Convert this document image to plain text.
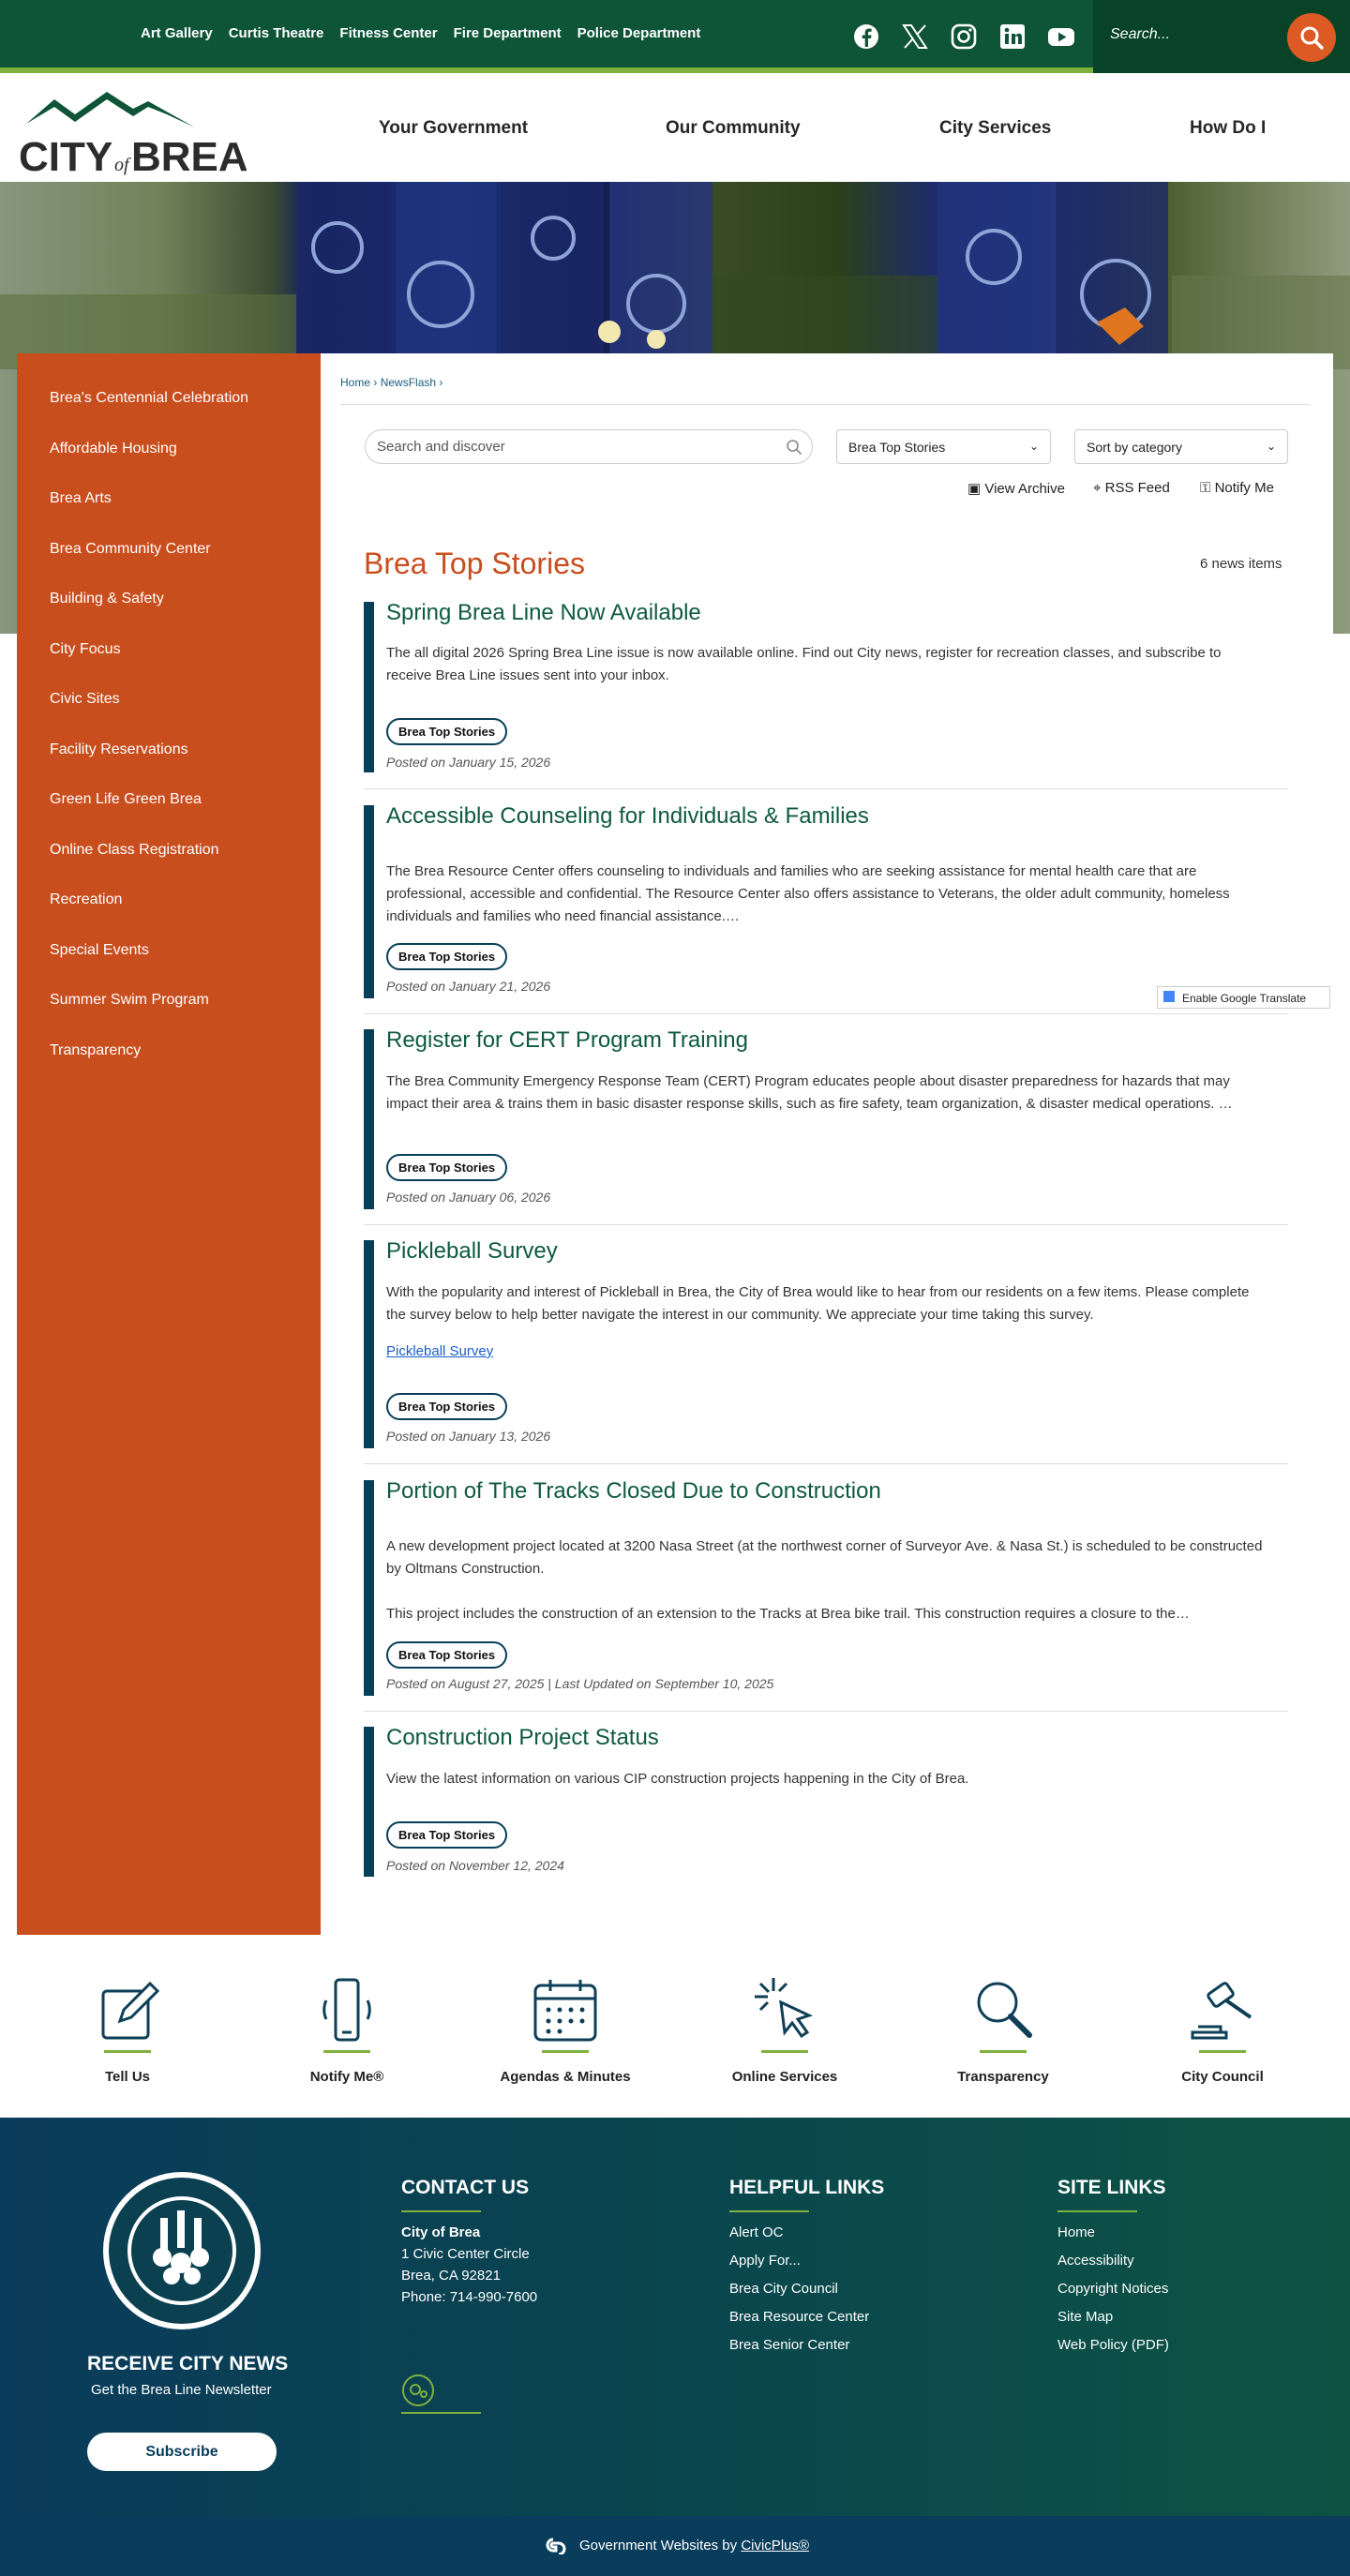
Art Gallery Curtis Theatre Fitness Center Fire Department Police Department	Search...
CITY of BREA
Your Government	Our Community	City Services	How Do I
Brea's Centennial Celebration
Affordable Housing
Brea Arts
Brea Community Center
Building & Safety
City Focus
Civic Sites
Facility Reservations
Green Life Green Brea
Online Class Registration
Recreation
Special Events
Summer Swim Program
Transparency
Home › NewsFlash ›
Search and discover	Brea Top Stories	⌄	Sort by category	⌄
▣ View Archive ⌖ RSS Feed ⚿ Notify Me
Brea Top Stories	6 news items
Spring Brea Line Now Available

The all digital 2026 Spring Brea Line issue is now available online. Find out City news, register for recreation classes, and subscribe to receive Brea Line issues sent into your inbox.

Brea Top Stories
Posted on January 15, 2026
Accessible Counseling for Individuals & Families

The Brea Resource Center offers counseling to individuals and families who are seeking assistance for mental health care that are professional, accessible and confidential. The Resource Center also offers assistance to Veterans, the older adult community, homeless individuals and families who need financial assistance.…

Brea Top Stories
Posted on January 21, 2026
Enable Google Translate
Register for CERT Program Training

The Brea Community Emergency Response Team (CERT) Program educates people about disaster preparedness for hazards that may impact their area & trains them in basic disaster response skills, such as fire safety, team organization, & disaster medical operations. …

Brea Top Stories
Posted on January 06, 2026
Pickleball Survey

With the popularity and interest of Pickleball in Brea, the City of Brea would like to hear from our residents on a few items. Please complete the survey below to help better navigate the interest in our community. We appreciate your time taking this survey.

Pickleball Survey
Brea Top Stories
Posted on January 13, 2026
Portion of The Tracks Closed Due to Construction

A new development project located at 3200 Nasa Street (at the northwest corner of Surveyor Ave. & Nasa St.) is scheduled to be constructed by Oltmans Construction.

This project includes the construction of an extension to the Tracks at Brea bike trail. This construction requires a closure to the…

Brea Top Stories
Posted on August 27, 2025 | Last Updated on September 10, 2025
Construction Project Status

View the latest information on various CIP construction projects happening in the City of Brea.

Brea Top Stories
Posted on November 12, 2024
Tell Us	Notify Me®	Agendas & Minutes	Online Services	Transparency	City Council
RECEIVE CITY NEWS
Get the Brea Line Newsletter
Subscribe
CONTACT US
City of Brea
1 Civic Center Circle
Brea, CA 92821
Phone: 714-990-7600
HELPFUL LINKS
Alert OC
Apply For...
Brea City Council
Brea Resource Center
Brea Senior Center
SITE LINKS
Home
Accessibility
Copyright Notices
Site Map
Web Policy (PDF)
Government Websites by CivicPlus®
